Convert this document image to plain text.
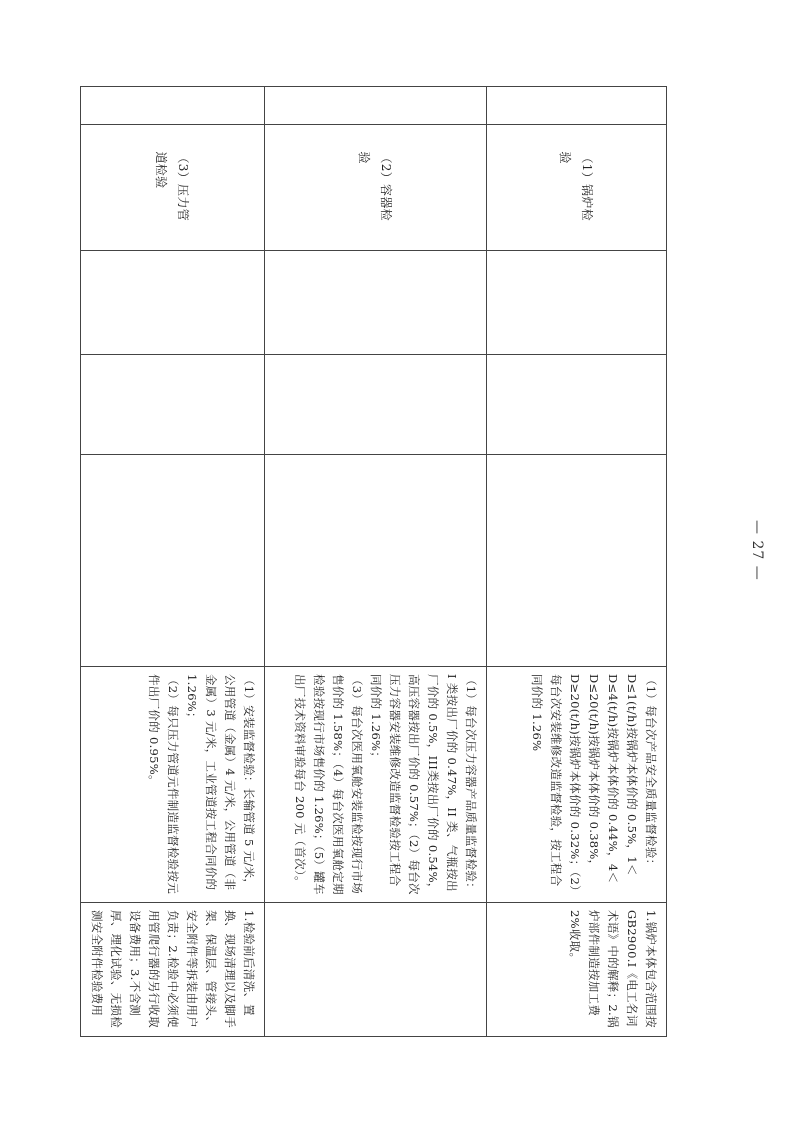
	（1）锅炉检验				（1）每台次产品安全质量监督检验：D≤1(t/h)按锅炉本体价的 0.5%，1＜D≤4(t/h)按锅炉本体价的 0.44%，4＜D≤20(t/h)按锅炉本体价的 0.38%，D≥20(t/h)按锅炉本体价的 0.32%；（2）每台次安装维修改造监督检验，按工程合同价的 1.26%	1.锅炉本体包含范围按 GB2900.I《电工名词术语》中的解释；2.锅炉部件制造按加工费 2%收取。

	（2）容器检验				（1）每台次压力容器产品质量监督检验：I 类按出厂价的 0.47%，II 类、气瓶按出厂价的 0.5%，III类按出厂价的 0.54%，高压容器按出厂价的 0.57%；（2）每台次压力容器安装维修改造监督检验按工程合同价的 1.26%；
（3）每台次医用氧舱安装监检按现行市场售价的 1.58%；（4）每台次医用氧舱定期检验按现行市场售价的 1.26%；（5）罐车出厂技术资料审验每台 200 元（首次）。	

	（3）压力管道检验				（1）安装监督检验：长输管道 5 元/米，公用管道（金属）4 元/米，公用管道（非金属）3 元/米，工业管道按工程合同价的 1.26%；
（2）每只压力管道元件制造监督检验按元件出厂价的 0.95%。	1.检验前后清洗、置换、现场清理以及脚手架、保温层、管接头、安全附件等拆装由用户负责；2.检验中必须使用管爬行器的另行收取设备费用；3.不含测厚、理化试验、无损检测安全附件检验费用
— 27 —
